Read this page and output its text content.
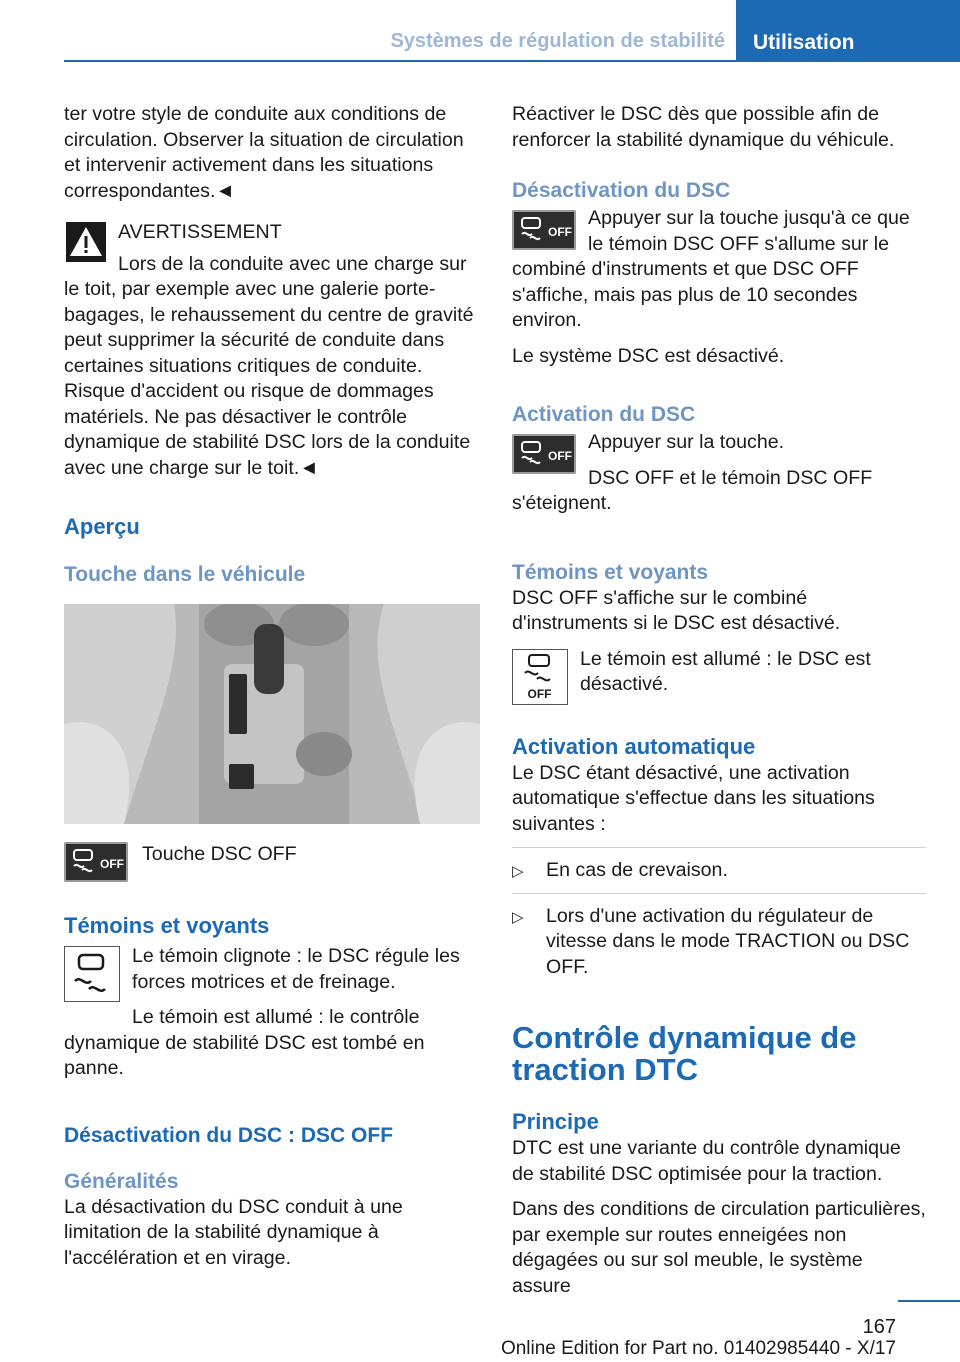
Systèmes de régulation de stabilité	Utilisation

ter votre style de conduite aux conditions de circulation. Observer la situation de circulation et intervenir activement dans les situations correspondantes.◄

AVERTISSEMENT

Lors de la conduite avec une charge sur le toit, par exemple avec une galerie porte-bagages, le rehaussement du centre de gravité peut supprimer la sécurité de conduite dans certaines situations critiques de conduite. Risque d'accident ou risque de dommages matériels. Ne pas désactiver le contrôle dynamique de stabilité DSC lors de la conduite avec une charge sur le toit.◄

Aperçu
Touche dans le véhicule
OFF Touche DSC OFF
Témoins et voyants

Le témoin clignote : le DSC régule les forces motrices et de freinage.

Le témoin est allumé : le contrôle dynamique de stabilité DSC est tombé en panne.

Désactivation du DSC : DSC OFF
Généralités

La désactivation du DSC conduit à une limitation de la stabilité dynamique à l'accélération et en virage.

Réactiver le DSC dès que possible afin de renforcer la stabilité dynamique du véhicule.

Désactivation du DSC
OFF

Appuyer sur la touche jusqu'à ce que le témoin DSC OFF s'allume sur le combiné d'instruments et que DSC OFF s'affiche, mais pas plus de 10 secondes environ.

Le système DSC est désactivé.

Activation du DSC
OFF

Appuyer sur la touche.

DSC OFF et le témoin DSC OFF s'éteignent.

Témoins et voyants

DSC OFF s'affiche sur le combiné d'instruments si le DSC est désactivé.

OFF

Le témoin est allumé : le DSC est désactivé.

Activation automatique

Le DSC étant désactivé, une activation automatique s'effectue dans les situations suivantes :

▷	En cas de crevaison.
▷	Lors d'une activation du régulateur de vitesse dans le mode TRACTION ou DSC OFF.
Contrôle dynamique de traction DTC
Principe

DTC est une variante du contrôle dynamique de stabilité DSC optimisée pour la traction.

Dans des conditions de circulation particulières, par exemple sur routes enneigées non dégagées ou sur sol meuble, le système assure

167
Online Edition for Part no. 01402985440 - X/17
